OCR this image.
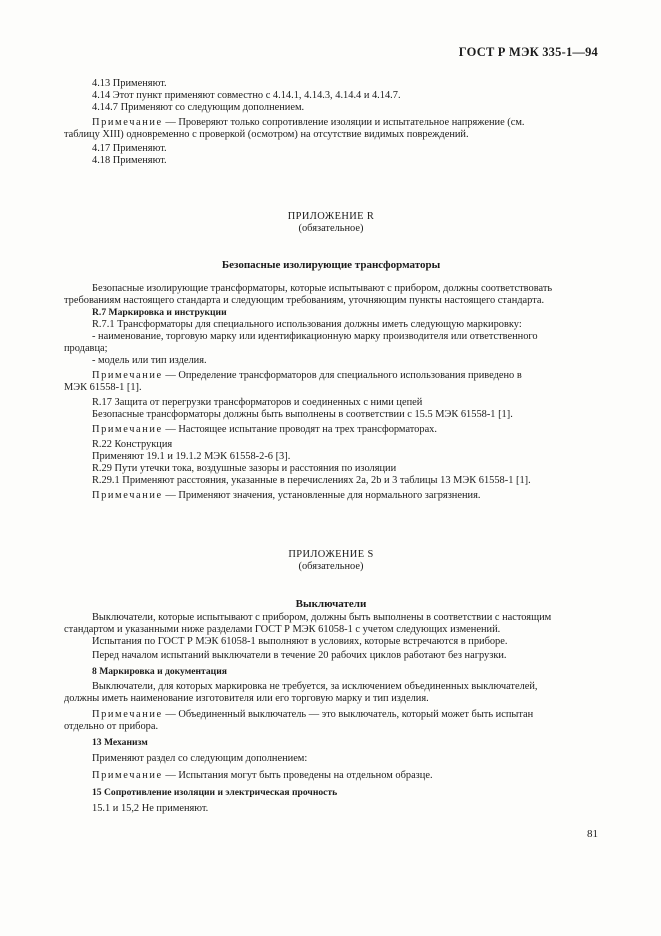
ГОСТ Р МЭК 335-1—94
4.13 Применяют.
4.14 Этот пункт применяют совместно с 4.14.1, 4.14.3, 4.14.4 и 4.14.7.
4.14.7 Применяют со следующим дополнением.
Примечание — Проверяют только сопротивление изоляции и испытательное напряжение (см.
таблицу XIII) одновременно с проверкой (осмотром) на отсутствие видимых повреждений.
4.17 Применяют.
4.18 Применяют.
ПРИЛОЖЕНИЕ R
(обязательное)
Безопасные изолирующие трансформаторы
Безопасные изолирующие трансформаторы, которые испытывают с прибором, должны соответствовать
требованиям настоящего стандарта и следующим требованиям, уточняющим пункты настоящего стандарта.
R.7 Маркировка и инструкции
R.7.1 Трансформаторы для специального использования должны иметь следующую маркировку:
- наименование, торговую марку или идентификационную марку производителя или ответственного
продавца;
- модель или тип изделия.
Примечание — Определение трансформаторов для специального использования приведено в
МЭК 61558-1 [1].
R.17 Защита от перегрузки трансформаторов и соединенных с ними цепей
Безопасные трансформаторы должны быть выполнены в соответствии с 15.5 МЭК 61558-1 [1].
Примечание — Настоящее испытание проводят на трех трансформаторах.
R.22 Конструкция
Применяют 19.1 и 19.1.2 МЭК 61558-2-6 [3].
R.29 Пути утечки тока, воздушные зазоры и расстояния по изоляции
R.29.1 Применяют расстояния, указанные в перечислениях 2a, 2b и 3 таблицы 13 МЭК 61558-1 [1].
Примечание — Применяют значения, установленные для нормального загрязнения.
ПРИЛОЖЕНИЕ S
(обязательное)
Выключатели
Выключатели, которые испытывают с прибором, должны быть выполнены в соответствии с настоящим
стандартом и указанными ниже разделами ГОСТ Р МЭК 61058-1 с учетом следующих изменений.
Испытания по ГОСТ Р МЭК 61058-1 выполняют в условиях, которые встречаются в приборе.
Перед началом испытаний выключатели в течение 20 рабочих циклов работают без нагрузки.
8 Маркировка и документация
Выключатели, для которых маркировка не требуется, за исключением объединенных выключателей,
должны иметь наименование изготовителя или его торговую марку и тип изделия.
Примечание — Объединенный выключатель — это выключатель, который может быть испытан
отдельно от прибора.
13 Механизм
Применяют раздел со следующим дополнением:
Примечание — Испытания могут быть проведены на отдельном образце.
15 Сопротивление изоляции и электрическая прочность
15.1 и 15,2 Не применяют.
81
